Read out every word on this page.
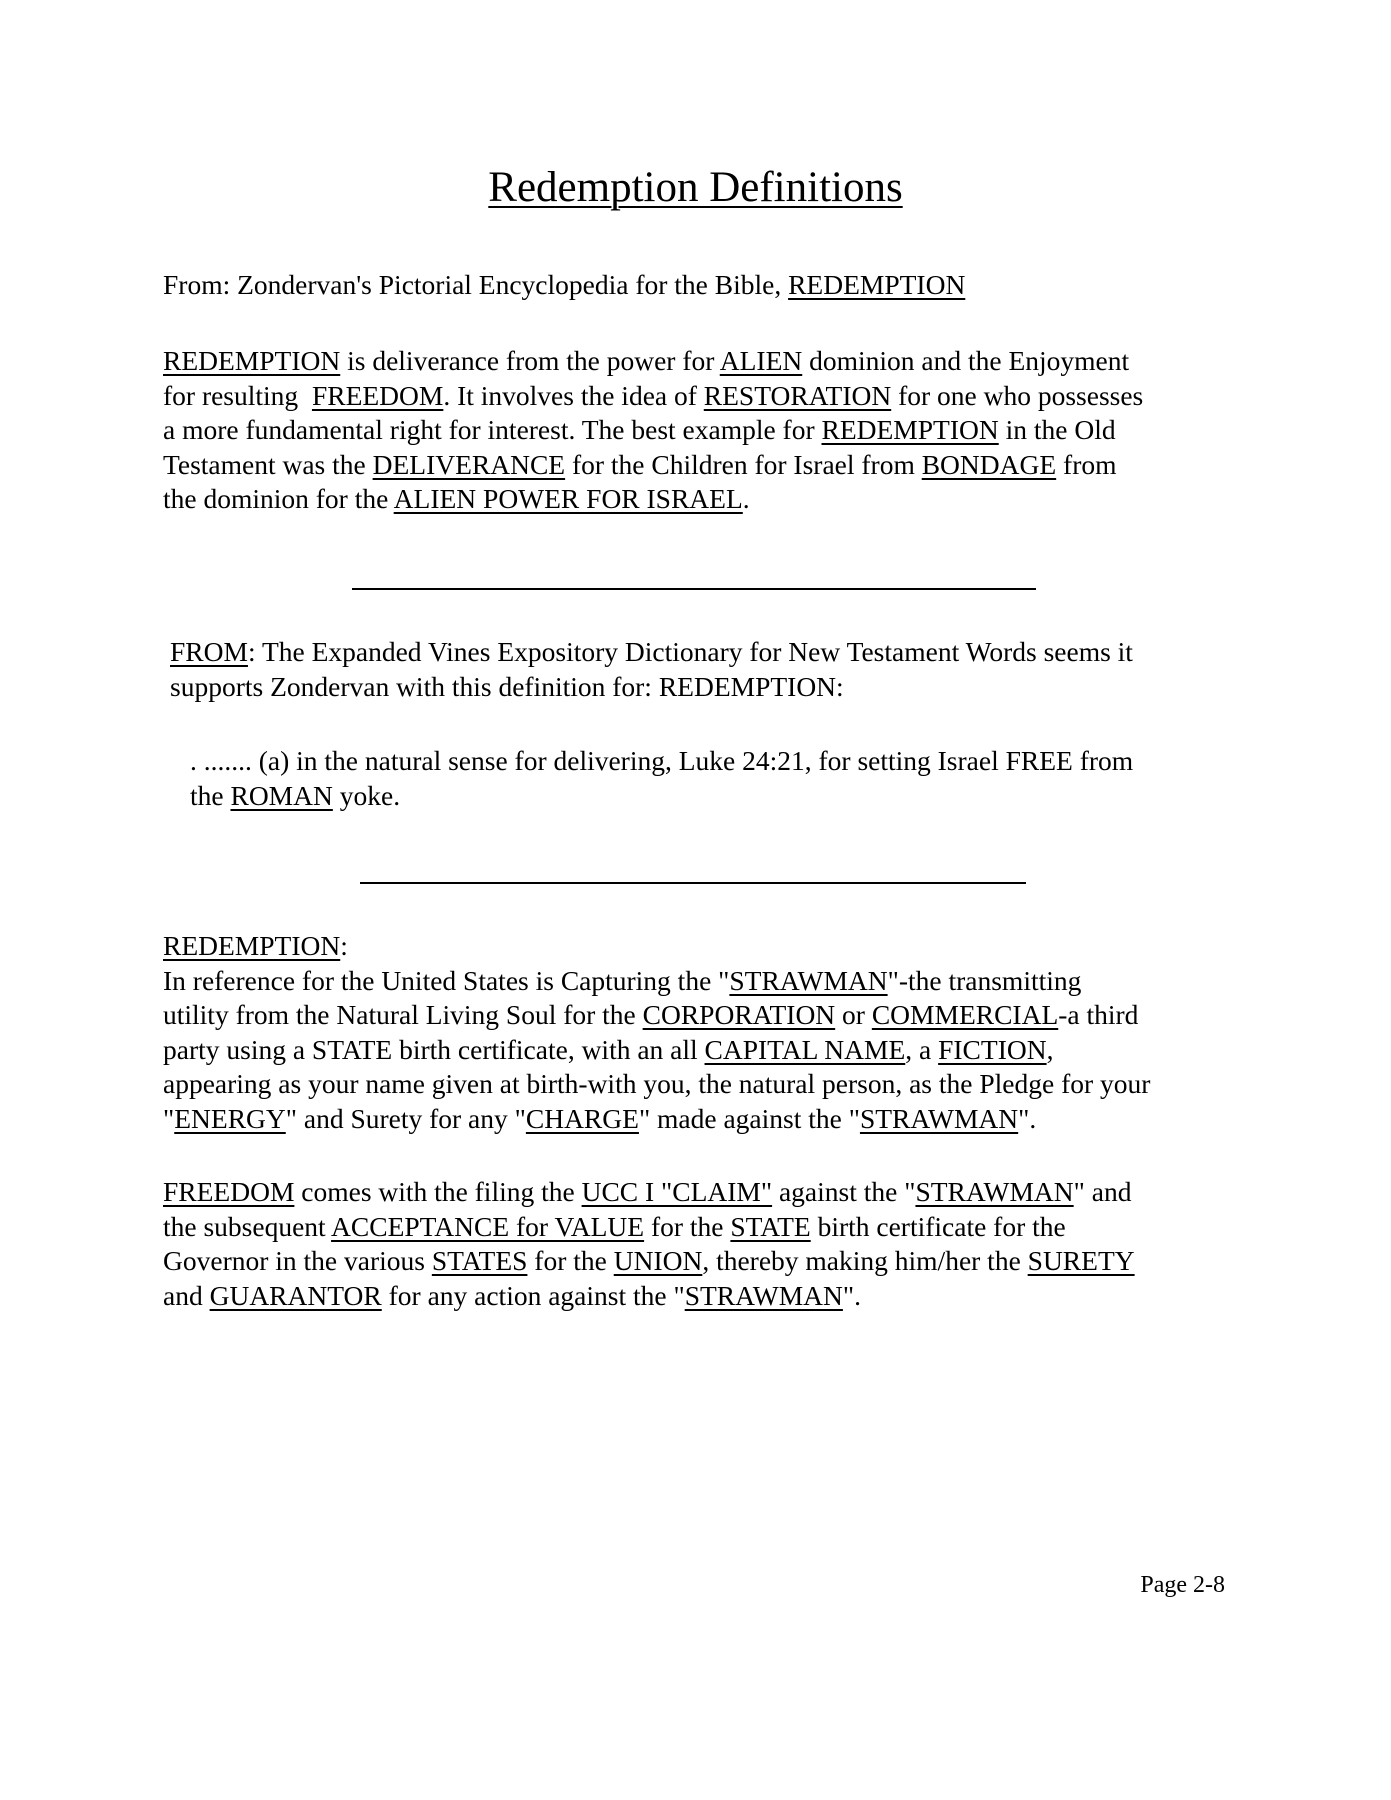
Redemption Definitions

From: Zondervan's Pictorial Encyclopedia for the Bible, REDEMPTION

REDEMPTION is deliverance from the power for ALIEN dominion and the Enjoyment
for resulting  FREEDOM. It involves the idea of RESTORATION for one who possesses
a more fundamental right for interest. The best example for REDEMPTION in the Old
Testament was the DELIVERANCE for the Children for Israel from BONDAGE from
the dominion for the ALIEN POWER FOR ISRAEL.

FROM: The Expanded Vines Expository Dictionary for New Testament Words seems it
supports Zondervan with this definition for: REDEMPTION:

. ....... (a) in the natural sense for delivering, Luke 24:21, for setting Israel FREE from
the ROMAN yoke.

REDEMPTION:
In reference for the United States is Capturing the "STRAWMAN"-the transmitting
utility from the Natural Living Soul for the CORPORATION or COMMERCIAL-a third
party using a STATE birth certificate, with an all CAPITAL NAME, a FICTION,
appearing as your name given at birth-with you, the natural person, as the Pledge for your
"ENERGY" and Surety for any "CHARGE" made against the "STRAWMAN".

FREEDOM comes with the filing the UCC I "CLAIM" against the "STRAWMAN" and
the subsequent ACCEPTANCE for VALUE for the STATE birth certificate for the
Governor in the various STATES for the UNION, thereby making him/her the SURETY
and GUARANTOR for any action against the "STRAWMAN".

Page 2-8
